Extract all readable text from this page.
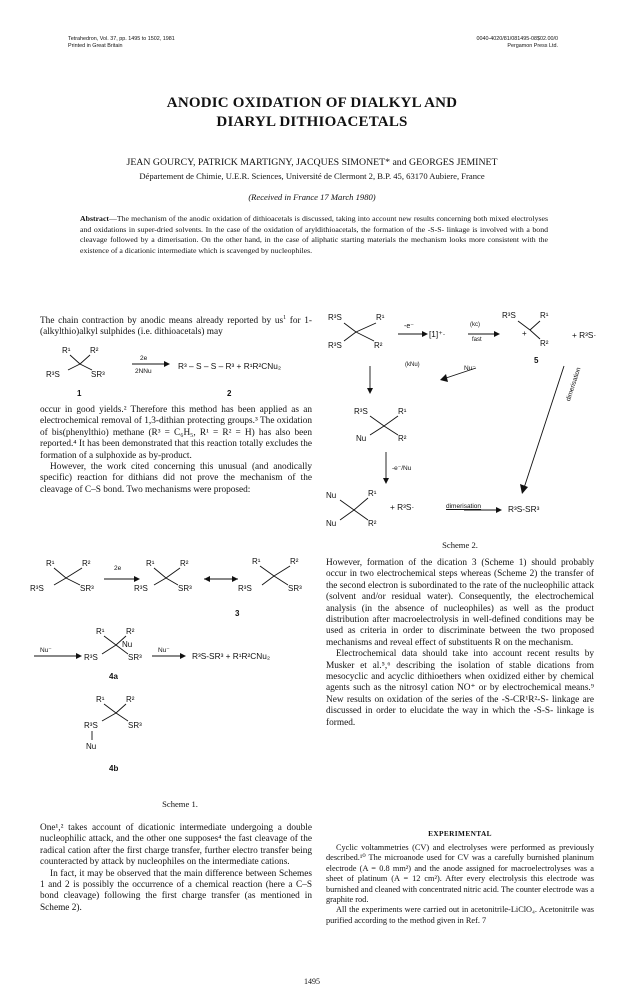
Tetrahedron, Vol. 37, pp. 1495 to 1502, 1981
Printed in Great Britain
0040-4020/81/081495-08$02.00/0
Pergamon Press Ltd.
ANODIC OXIDATION OF DIALKYL AND
DIARYL DITHIOACETALS
JEAN GOURCY, PATRICK MARTIGNY, JACQUES SIMONET* and GEORGES JEMINET
Département de Chimie, U.E.R. Sciences, Université de Clermont 2, B.P. 45, 63170 Aubiere, France
(Received in France 17 March 1980)
Abstract—The mechanism of the anodic oxidation of dithioacetals is discussed, taking into account new results concerning both mixed electrolyses and oxidations in super-dried solvents. In the case of the oxidation of aryldithioacetals, the formation of the -S-S- linkage is involved with a bond cleavage followed by a dimerisation. On the other hand, in the case of aliphatic starting materials the mechanism looks more consistent with the existence of a dicationic intermediate which is scavenged by nucleophiles.

The chain contraction by anodic means already reported by $us^1$ for 1-(alkylthio)alkyl sulphides (i.e. dithioacetals) may

R¹ R²
R³S	SR³
2e
2NNu
R³ – S – S – R³ + R¹R²CNu₂
1	2

occur in good yields.² Therefore this method has been applied as an electrochemical removal of 1,3-dithian protecting groups.³ The oxidation of bis(phenylthio) methane (R³ = C₆H₅, R¹ = R² = H) has also been reported.⁴ It has been demonstrated that this reaction totally excludes the formation of a sulphoxide as by-product.

However, the work cited concerning this unusual (and anodically specific) reaction for dithians did not prove the mechanism of the cleavage of C–S bond. Two mechanisms were proposed:

R¹	R²
R³S	SR³
R¹	R²
R³S	SR³
R¹	R²
R³S	SR³
R¹	R²
Nu
R³S	SR³
R¹	R²
R³S	SR³
Nu
2e
3
Nu⁻	Nu⁻
R³S-SR³ + R¹R²CNu₂
4a
4b
Scheme 1.

One¹,² takes account of dicationic intermediate undergoing a double nucleophilic attack, and the other one supposes⁴ the fast cleavage of the radical cation after the first charge transfer, further electro transfer being counteracted by attack by nucleophiles on the intermediate cations.

In fact, it may be observed that the main difference between Schemes 1 and 2 is possibly the occurrence of a chemical reaction (here a C–S bond cleavage) following the first charge transfer (as mentioned in Scheme 2).

R³S	R¹
R³S	R²
R³S	R¹
+
R²
R³S	R¹
Nu	R²
Nu	R¹
Nu	R²
-e⁻
[1]⁺·
(kc)
fast	+ R³S·
5
(kNu)	Nu⁻	dimerisation
-e⁻/Nu
+ R³S·	dimerisation	R³S-SR³
Scheme 2.

However, formation of the dication 3 (Scheme 1) should probably occur in two electrochemical steps whereas (Scheme 2) the transfer of the second electron is subordinated to the rate of the nucleophilic attack (solvent and/or residual water). Consequently, the electrochemical analysis (in the absence of nucleophiles) as well as the product distribution after macroelectrolysis in well-defined conditions may be used as criteria in order to discriminate between the two proposed mechanisms and reveal effect of substituents R on the mechanism.

Electrochemical data should take into account recent results by Musker et al.⁵,⁶ describing the isolation of stable dications from mesocyclic and acyclic dithioethers when oxidized either by chemical agents such as the nitrosyl cation NO⁺ or by electrochemical means.⁹ New results on oxidation of the series of the -S-CR¹R²-S- linkage are discussed in order to elucidate the way in which the -S-S- linkage is formed.

EXPERIMENTAL

Cyclic voltammetries (CV) and electrolyses were performed as previously described.¹⁰ The microanode used for CV was a carefully burnished planinum electrode (A = 0.8 mm²) and the anode assigned for macroelectrolyses was a sheet of platinum (A = 12 cm²). After every electrolysis this electrode was burnished and cleaned with concentrated nitric acid. The counter electrode was a graphite rod.

All the experiments were carried out in acetonitrile-LiClO₄. Acetonitrile was purified according to the method given in Ref. 7

1495
